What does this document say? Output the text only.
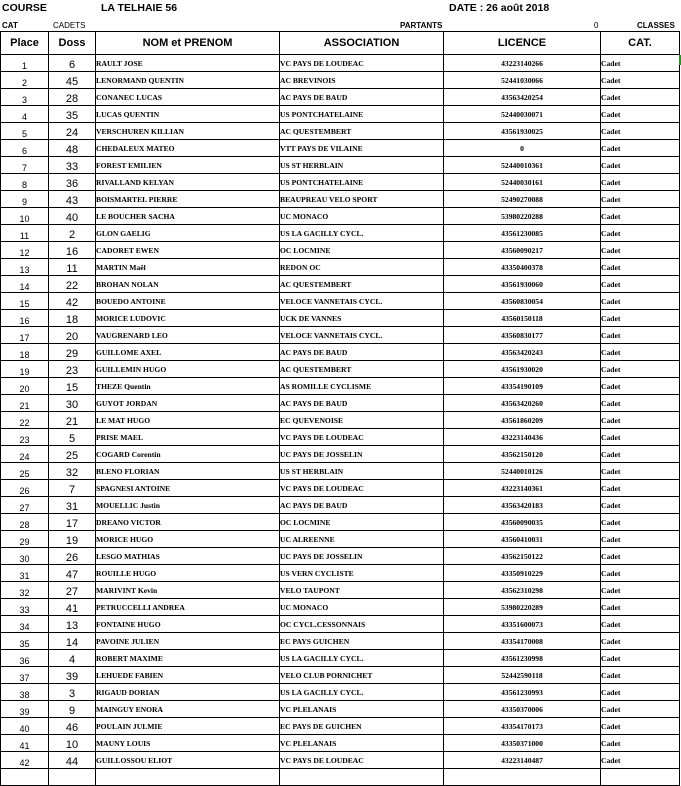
COURSE	LA TELHAIE 56	DATE : 26 août 2018
CAT	CADETS	PARTANTS	0	CLASSES
Place	Doss	NOM et PRENOM	ASSOCIATION	LICENCE	CAT.
1	6	RAULT JOSE	VC PAYS DE LOUDEAC	43223140266	Cadet
2	45	LENORMAND QUENTIN	AC BREVINOIS	52441030066	Cadet
3	28	CONANEC LUCAS	AC PAYS DE BAUD	43563420254	Cadet
4	35	LUCAS QUENTIN	US PONTCHATELAINE	52440030071	Cadet
5	24	VERSCHUREN KILLIAN	AC QUESTEMBERT	43561930025	Cadet
6	48	CHEDALEUX MATEO	VTT PAYS DE VILAINE	0	Cadet
7	33	FOREST EMILIEN	US ST HERBLAIN	52440010361	Cadet
8	36	RIVALLAND KELYAN	US PONTCHATELAINE	52440030161	Cadet
9	43	BOISMARTEL PIERRE	BEAUPREAU VELO SPORT	52490270088	Cadet
10	40	LE BOUCHER SACHA	UC MONACO	53980220288	Cadet
11	2	GLON GAELIG	US LA GACILLY CYCL.	43561230085	Cadet
12	16	CADORET EWEN	OC LOCMINE	43560090217	Cadet
13	11	MARTIN Maël	REDON OC	43350400378	Cadet
14	22	BROHAN NOLAN	AC QUESTEMBERT	43561930060	Cadet
15	42	BOUEDO ANTOINE	VELOCE VANNETAIS CYCL.	43560830054	Cadet
16	18	MORICE LUDOVIC	UCK DE VANNES	43560150118	Cadet
17	20	VAUGRENARD LEO	VELOCE VANNETAIS CYCL.	43560830177	Cadet
18	29	GUILLOME AXEL	AC PAYS DE BAUD	43563420243	Cadet
19	23	GUILLEMIN HUGO	AC QUESTEMBERT	43561930020	Cadet
20	15	THEZE Quentin	AS ROMILLE CYCLISME	43354190109	Cadet
21	30	GUYOT JORDAN	AC PAYS DE BAUD	43563420260	Cadet
22	21	LE MAT HUGO	EC QUEVENOISE	43561860209	Cadet
23	5	PRISE MAEL	VC PAYS DE LOUDEAC	43223140436	Cadet
24	25	COGARD Corentin	UC PAYS DE JOSSELIN	43562150120	Cadet
25	32	BLENO FLORIAN	US ST HERBLAIN	52440010126	Cadet
26	7	SPAGNESI ANTOINE	VC PAYS DE LOUDEAC	43223140361	Cadet
27	31	MOUELLIC Justin	AC PAYS DE BAUD	43563420183	Cadet
28	17	DREANO VICTOR	OC LOCMINE	43560090035	Cadet
29	19	MORICE HUGO	UC ALREENNE	43560410031	Cadet
30	26	LESGO MATHIAS	UC PAYS DE JOSSELIN	43562150122	Cadet
31	47	ROUILLE HUGO	US VERN CYCLISTE	43350910229	Cadet
32	27	MARIVINT Kevin	VELO TAUPONT	43562310298	Cadet
33	41	PETRUCCELLI ANDREA	UC MONACO	53980220289	Cadet
34	13	FONTAINE HUGO	OC CYCL.CESSONNAIS	43351600073	Cadet
35	14	PAVOINE JULIEN	EC PAYS GUICHEN	43354170008	Cadet
36	4	ROBERT MAXIME	US LA GACILLY CYCL.	43561230998	Cadet
37	39	LEHUEDE FABIEN	VELO CLUB PORNICHET	52442590118	Cadet
38	3	RIGAUD DORIAN	US LA GACILLY CYCL.	43561230993	Cadet
39	9	MAINGUY ENORA	VC PLELANAIS	43350370006	Cadet
40	46	POULAIN JULMIE	EC PAYS DE GUICHEN	43354170173	Cadet
41	10	MAUNY LOUIS	VC PLELANAIS	43350371000	Cadet
42	44	GUILLOSSOU ELIOT	VC PAYS DE LOUDEAC	43223140487	Cadet
